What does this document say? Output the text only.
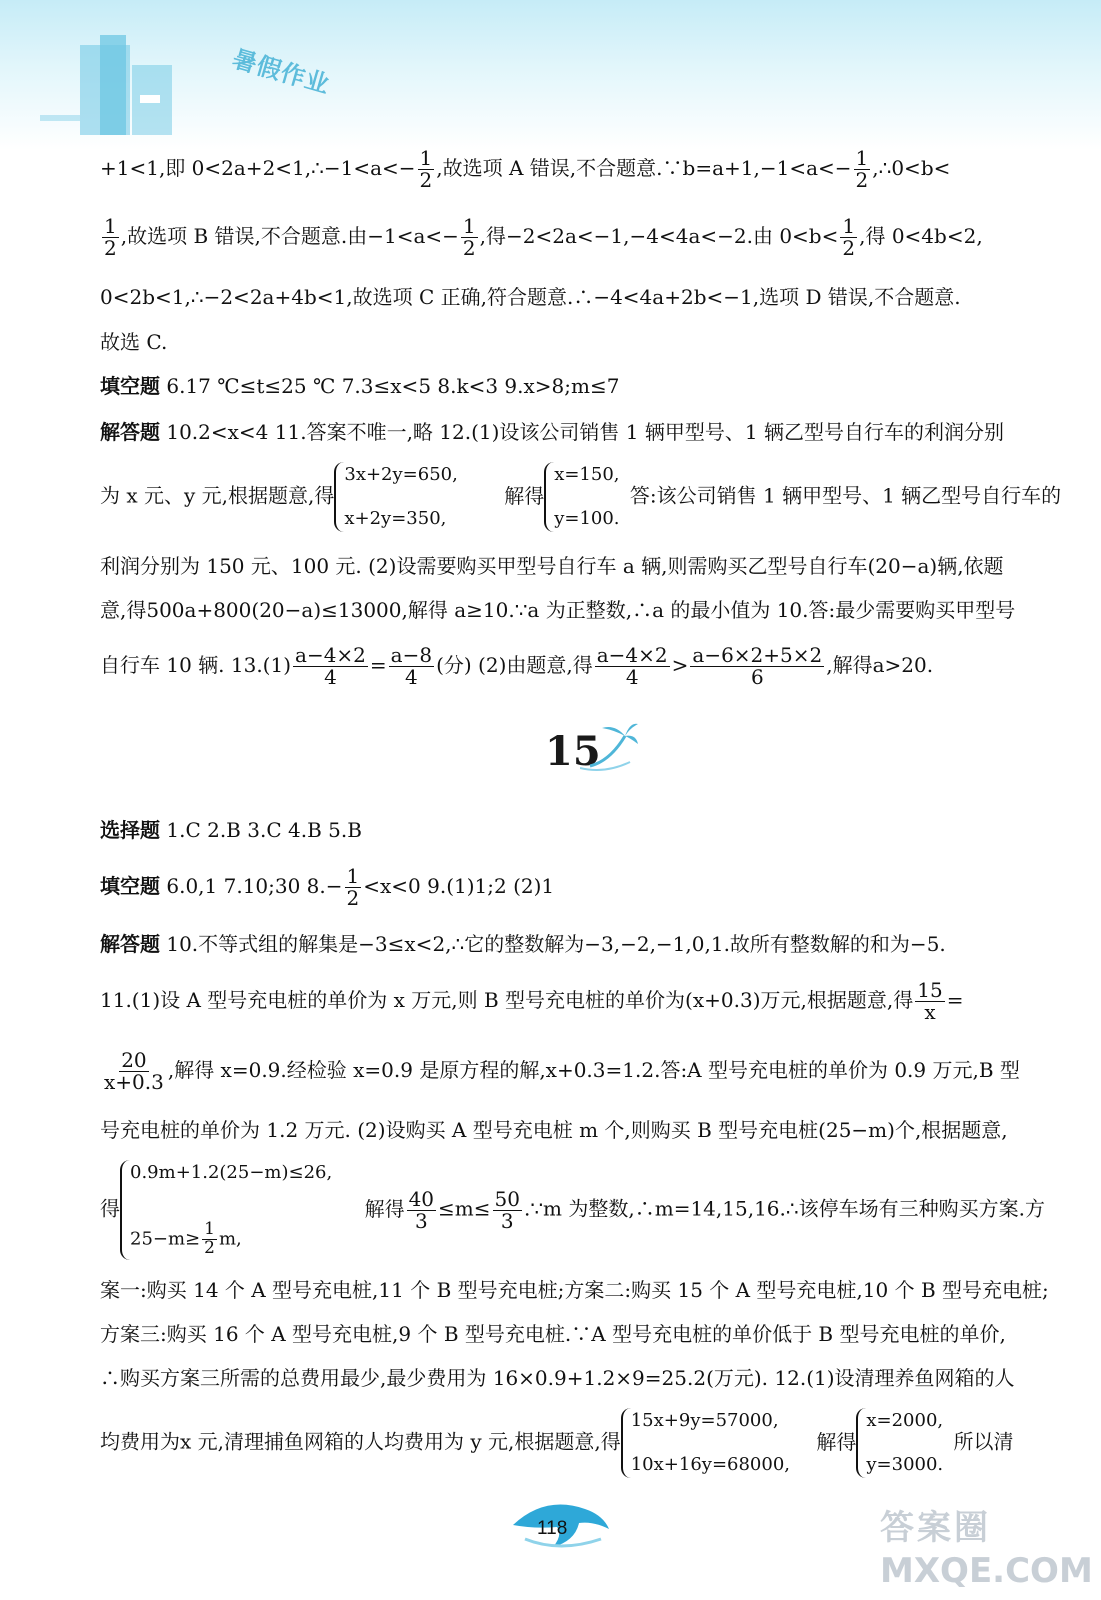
暑假作业
+1<1,即 0<2a+2<1,∴−1<a<− $\frac{1}{2}$ ,故选项 A 错误,不合题意.∵b=a+1,−1<a<− $\frac{1}{2}$ ,∴0<b<
$\frac{1}{2}$ ,故选项 B 错误,不合题意.由$-1<a<- \frac{1}{2}$ ,得−2<2a<−1,−4<4a<−2.由 $0<b< \frac{1}{2}$ ,得 0<4b<2,
0<2b<1,∴−2<2a+4b<1,故选项 C 正确,符合题意.∴−4<4a+2b<−1,选项 D 错误,不合题意.
故选 C.
填空题 6.17 ℃≤t≤25 ℃ 7.3≤x<5 8.k<3 9.x>8;m≤7
解答题 10.2<x<4 11.答案不唯一,略 12.(1)设该公司销售 1 辆甲型号、1 辆乙型号自行车的利润分别
为 x 元、y 元,根据题意,得
3x+2y=650,
x+2y=350,
解得
x=150,
y=100.
答:该公司销售 1 辆甲型号、1 辆乙型号自行车的
利润分别为 150 元、100 元. (2)设需要购买甲型号自行车 a 辆,则需购买乙型号自行车(20−a)辆,依题
意,得500a+800(20−a)≤13000,解得 a≥10.∵a 为正整数,∴a 的最小值为 10.答:最少需要购买甲型号
自行车 10 辆. $13.(1) \frac{a-4\times 2}{4} = \frac{a-8}{4}$ (分) (2)由题意,得 $\frac{a-4\times 2}{4} > \frac{a-6\times 2+5\times 2}{6}$ ,解得a>20.
15
选择题 1.C 2.B 3.C 4.B 5.B
填空题 6.0,1 7.10;30 $8.- \frac{1}{2} <x<0$ 9.(1)1;2 (2)1
解答题 10.不等式组的解集是−3≤x<2,∴它的整数解为−3,−2,−1,0,1.故所有整数解的和为−5.
11.(1)设 A 型号充电桩的单价为 x 万元,则 B 型号充电桩的单价为(x+0.3)万元,根据题意,得 $\frac{15}{x}$ =
$\frac{20}{x+0.3}$ ,解得 x=0.9.经检验 x=0.9 是原方程的解,x+0.3=1.2.答:A 型号充电桩的单价为 0.9 万元,B 型
号充电桩的单价为 1.2 万元. (2)设购买 A 型号充电桩 m 个,则购买 B 型号充电桩(25−m)个,根据题意,
得
0.9m+1.2(25−m)≤26,
$25-m\ge \frac{1}{2} m$,
解得 $\frac{40}{3} \le m\le \frac{50}{3}$ .∵m 为整数,∴m=14,15,16.∴该停车场有三种购买方案.方
案一:购买 14 个 A 型号充电桩,11 个 B 型号充电桩;方案二:购买 15 个 A 型号充电桩,10 个 B 型号充电桩;
方案三:购买 16 个 A 型号充电桩,9 个 B 型号充电桩.∵A 型号充电桩的单价低于 B 型号充电桩的单价,
∴购买方案三所需的总费用最少,最少费用为 16×0.9+1.2×9=25.2(万元). 12.(1)设清理养鱼网箱的人
均费用为x 元,清理捕鱼网箱的人均费用为 y 元,根据题意,得
15x+9y=57000,
10x+16y=68000,
解得
x=2000,
y=3000.
所以清
118	答案圈
MXQE.COM
